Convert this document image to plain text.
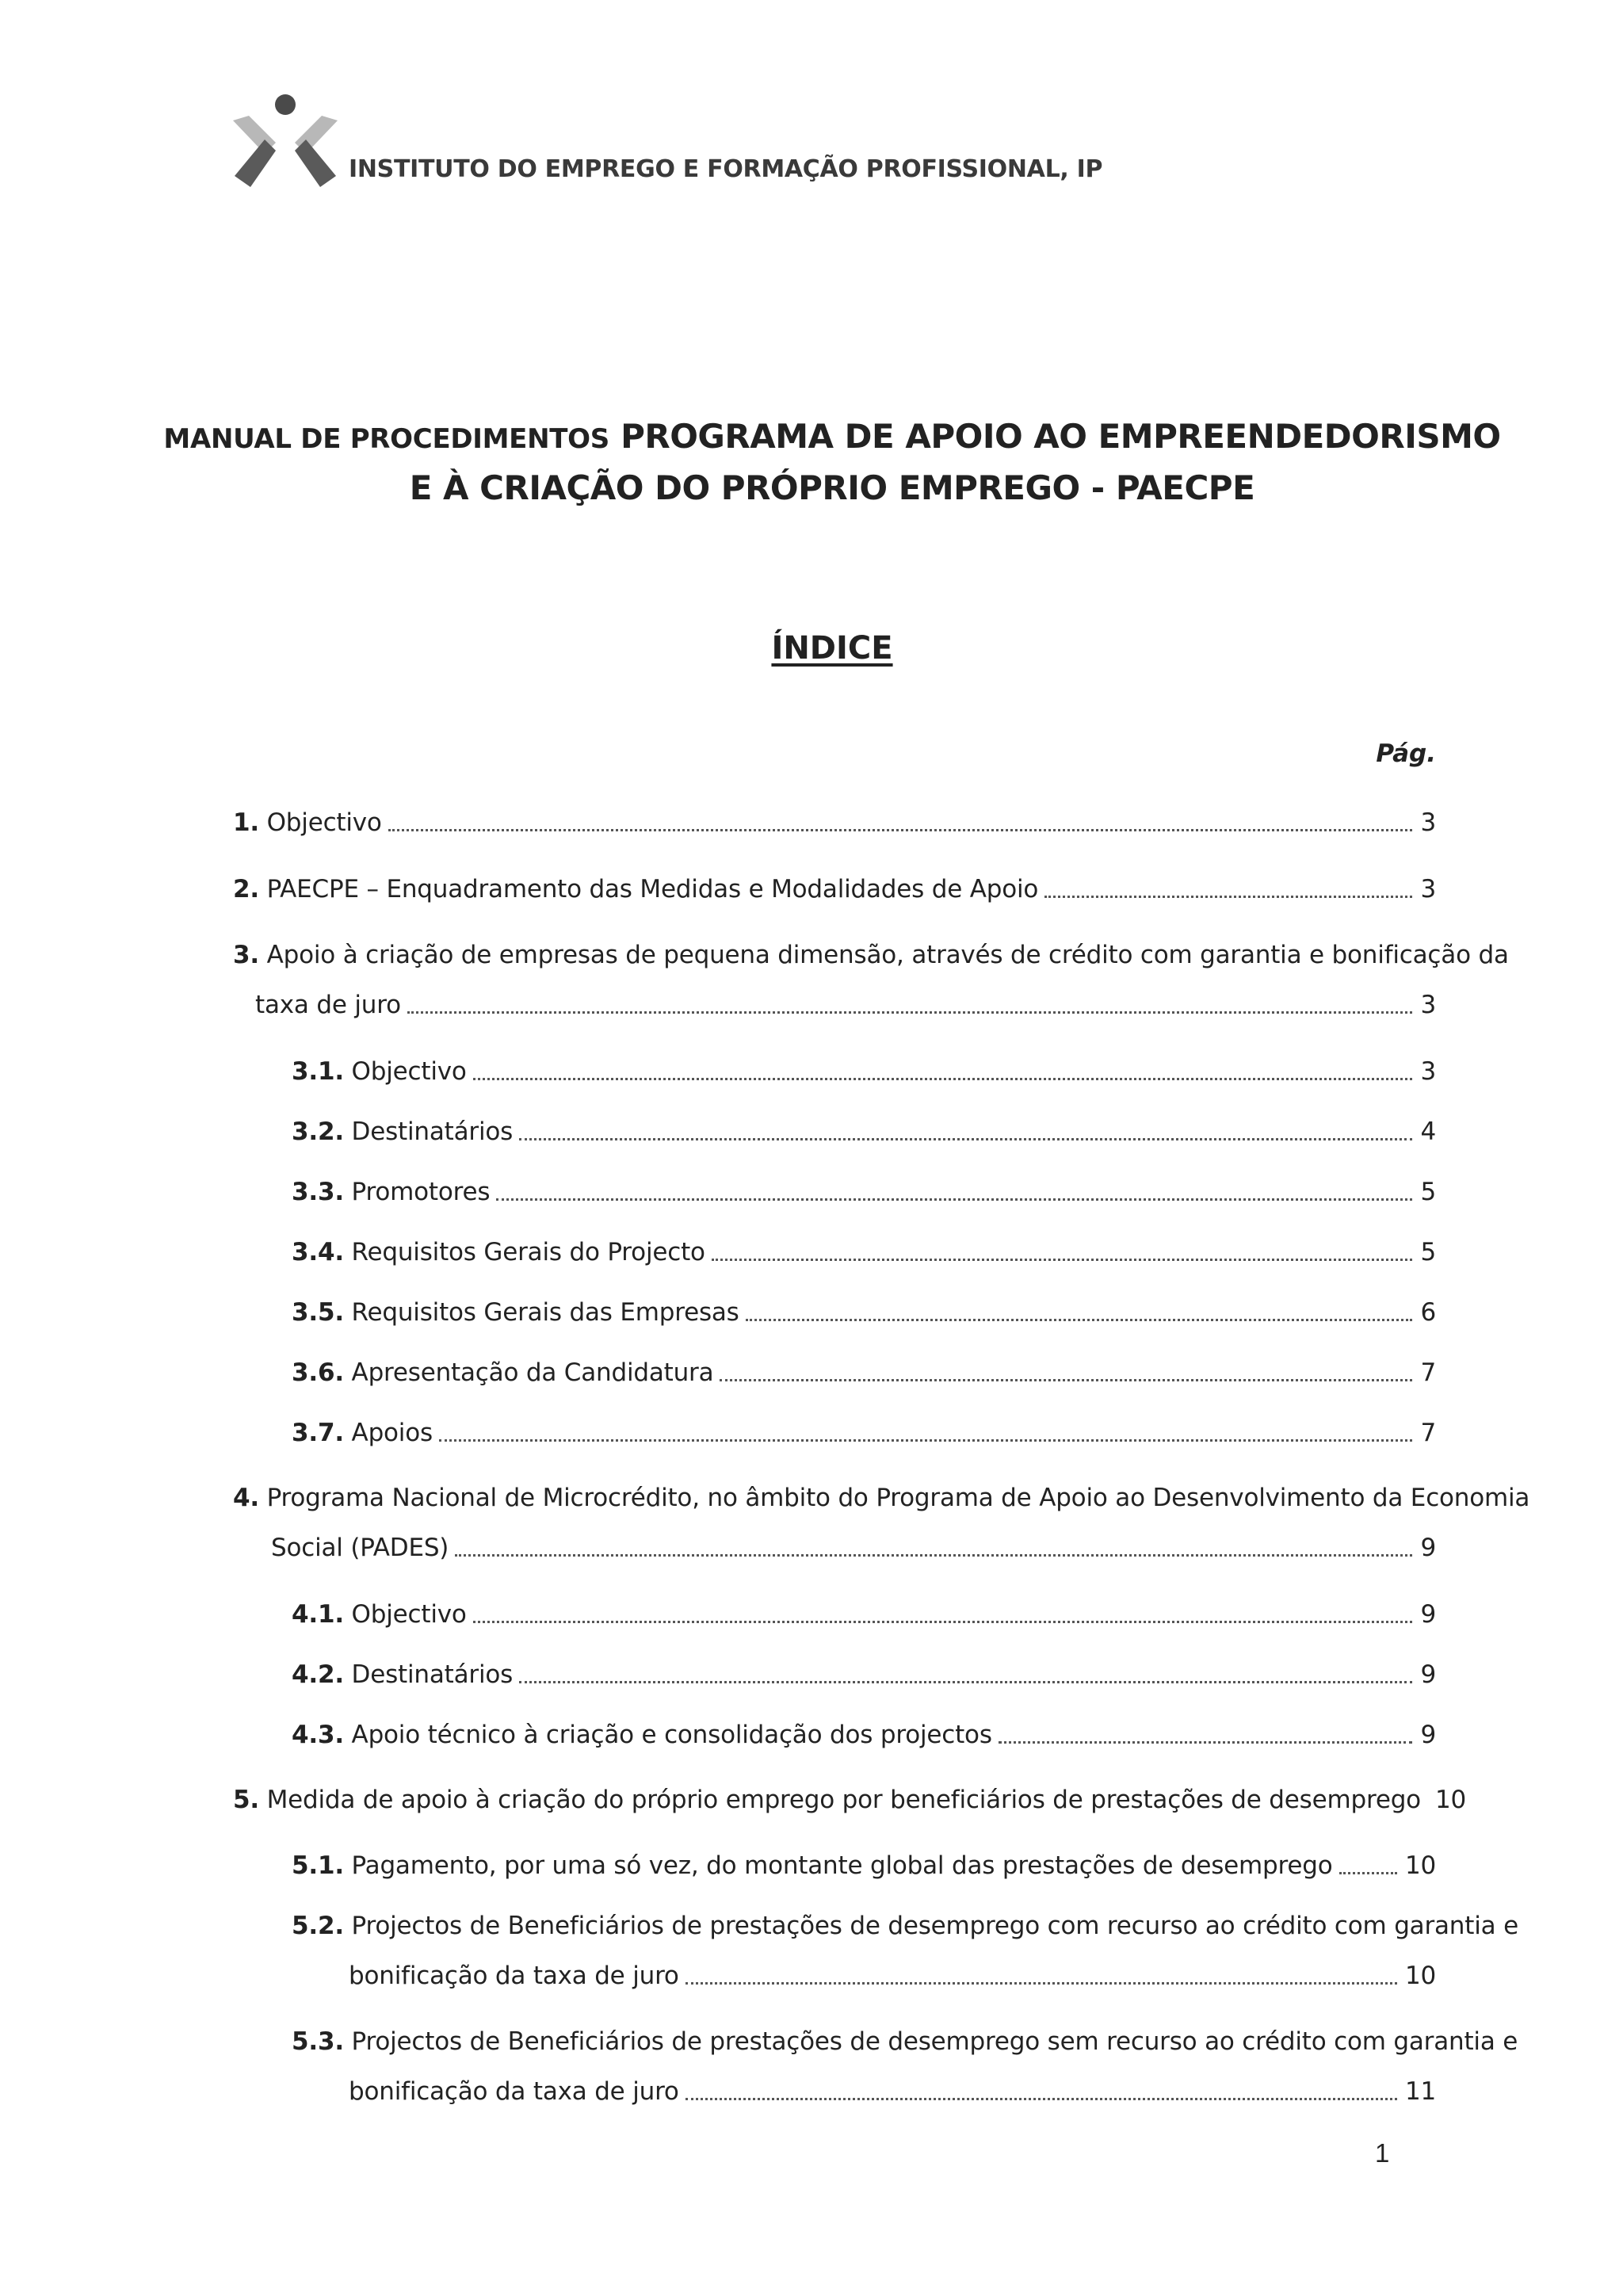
INSTITUTO DO EMPREGO E FORMAÇÃO PROFISSIONAL, IP
MANUAL DE PROCEDIMENTOS PROGRAMA DE APOIO AO EMPREENDEDORISMO
E À CRIAÇÃO DO PRÓPRIO EMPREGO - PAECPE
ÍNDICE
Pág.
1. Objectivo	3
2. PAECPE – Enquadramento das Medidas e Modalidades de Apoio	3
3. Apoio à criação de empresas de pequena dimensão, através de crédito com garantia e bonificação da
taxa de juro	3
3.1. Objectivo	3
3.2. Destinatários	4
3.3. Promotores	5
3.4. Requisitos Gerais do Projecto	5
3.5. Requisitos Gerais das Empresas	6
3.6. Apresentação da Candidatura	7
3.7. Apoios	7
4. Programa Nacional de Microcrédito, no âmbito do Programa de Apoio ao Desenvolvimento da Economia
Social (PADES)	9
4.1. Objectivo	9
4.2. Destinatários	9
4.3. Apoio técnico à criação e consolidação dos projectos	9
5. Medida de apoio à criação do próprio emprego por beneficiários de prestações de desemprego 10
5.1. Pagamento, por uma só vez, do montante global das prestações de desemprego	10
5.2. Projectos de Beneficiários de prestações de desemprego com recurso ao crédito com garantia e
bonificação da taxa de juro	10
5.3. Projectos de Beneficiários de prestações de desemprego sem recurso ao crédito com garantia e
bonificação da taxa de juro	11
1
